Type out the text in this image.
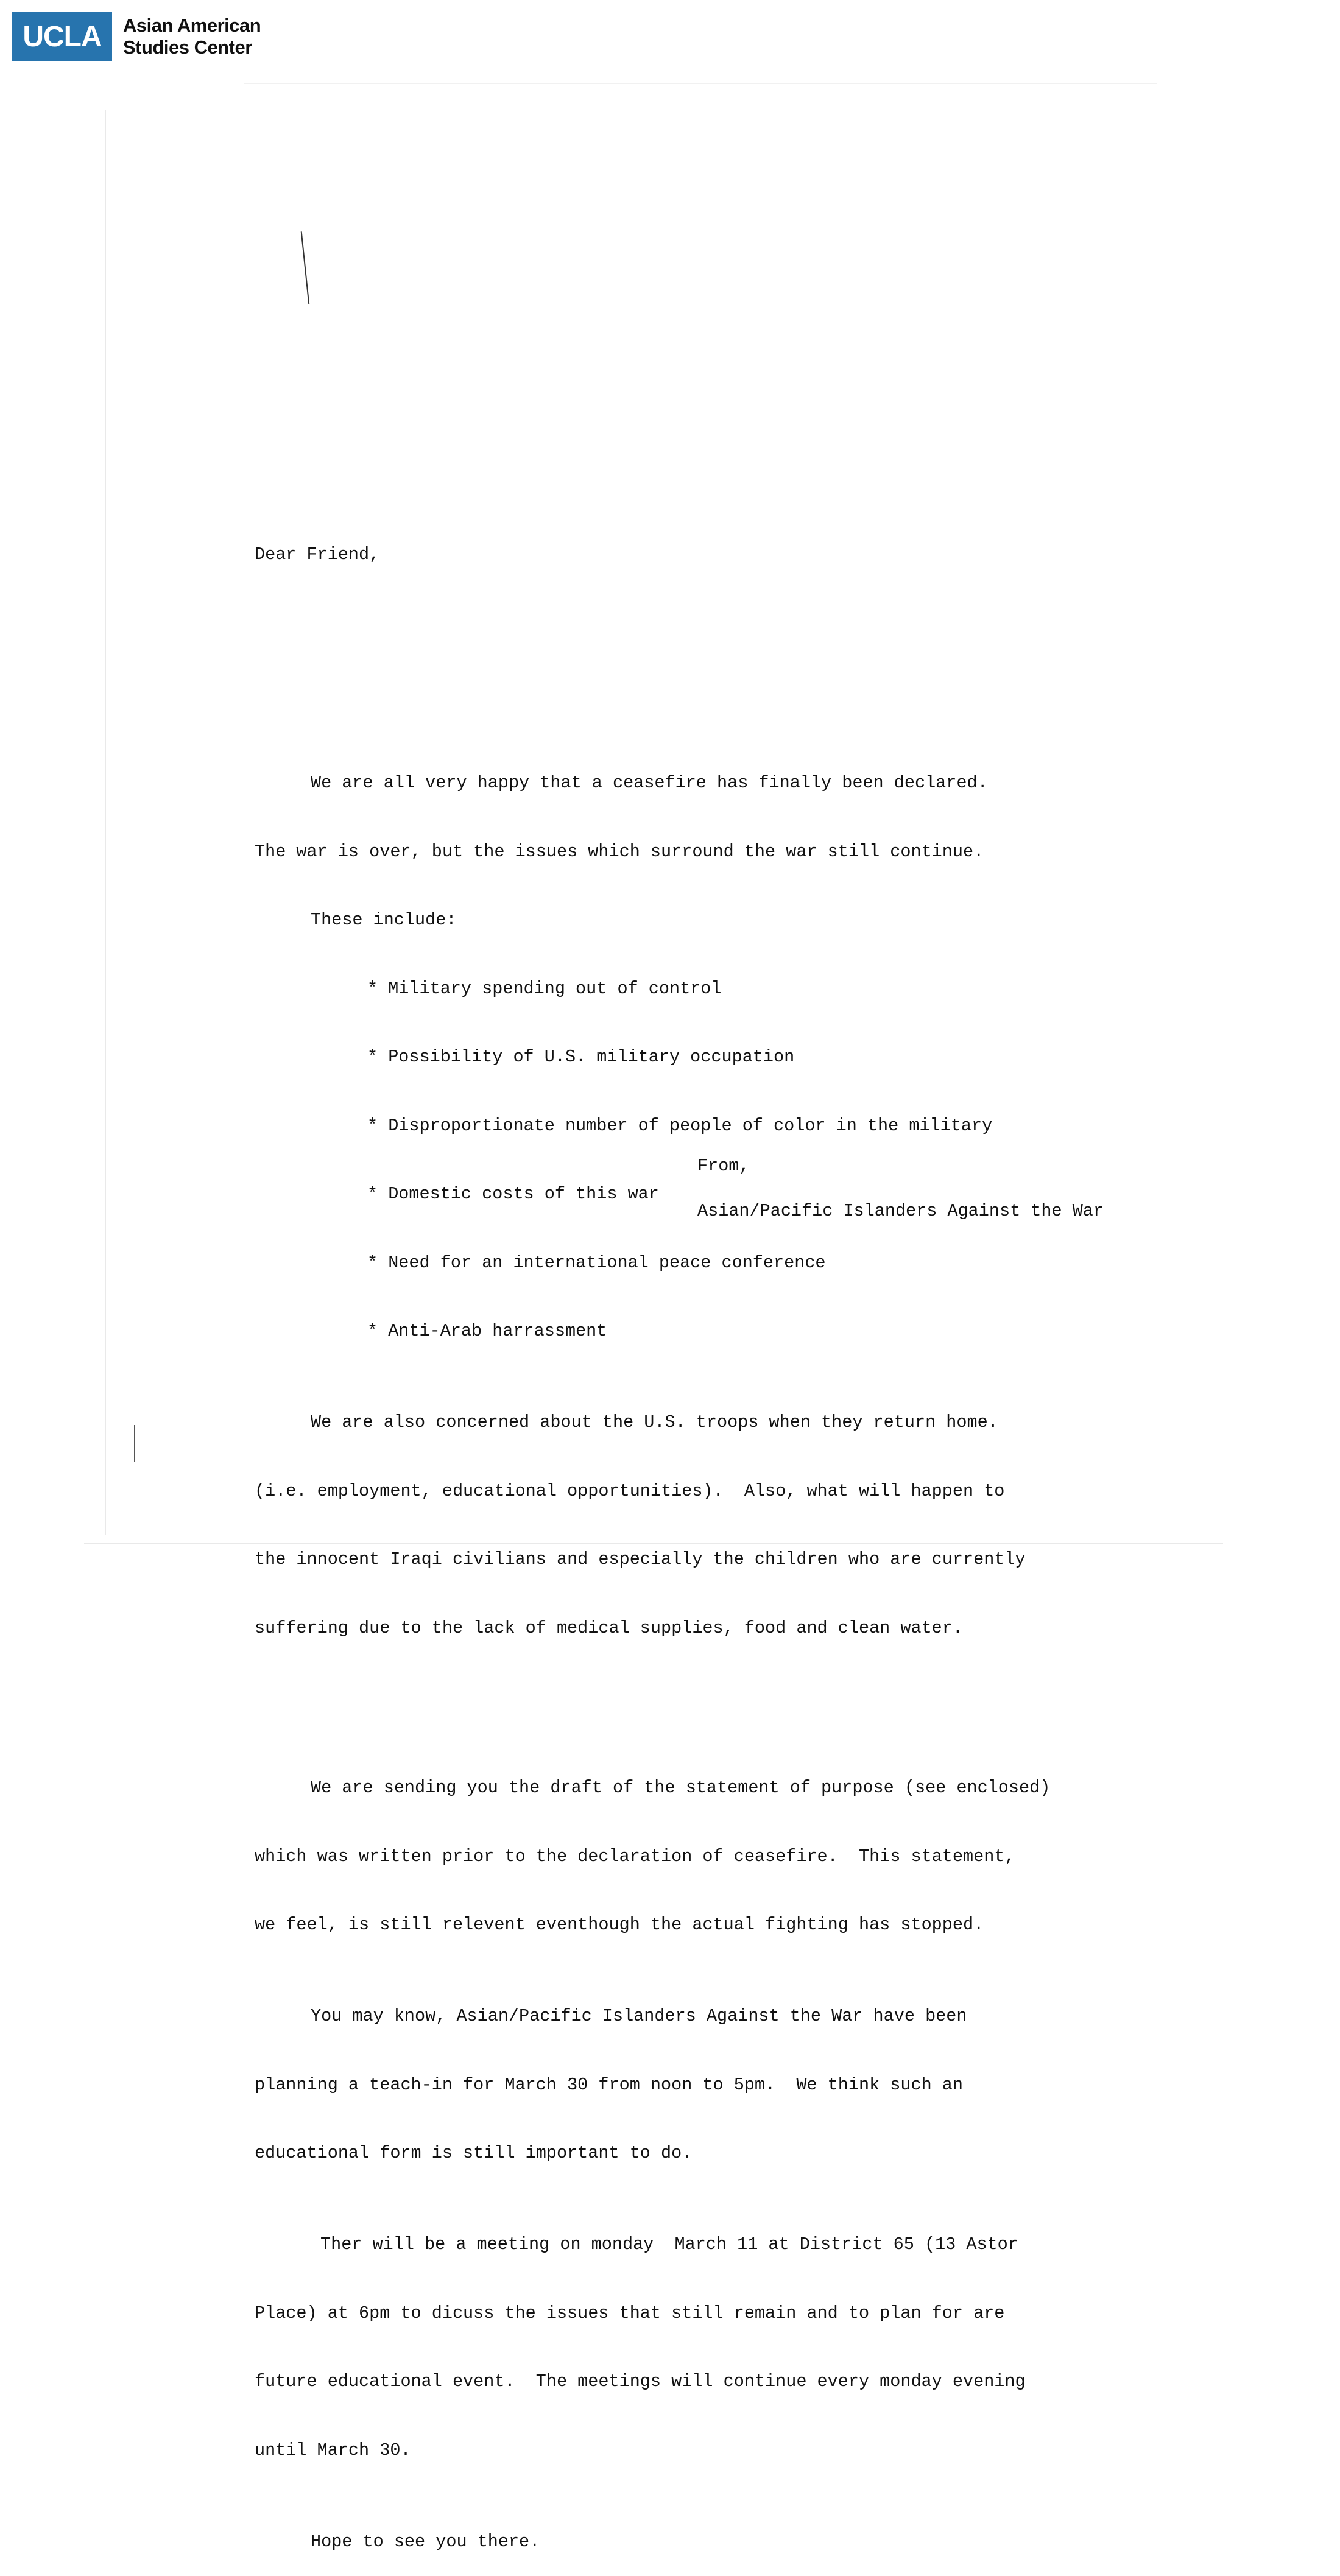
UCLA	Asian American
Studies Center

Dear Friend,

We are all very happy that a ceasefire has finally been declared.

The war is over, but the issues which surround the war still continue.

These include:

* Military spending out of control

* Possibility of U.S. military occupation

* Disproportionate number of people of color in the military

* Domestic costs of this war

* Need for an international peace conference

* Anti-Arab harrassment

We are also concerned about the U.S. troops when they return home.

(i.e. employment, educational opportunities).  Also, what will happen to

the innocent Iraqi civilians and especially the children who are currently

suffering due to the lack of medical supplies, food and clean water.

We are sending you the draft of the statement of purpose (see enclosed)

which was written prior to the declaration of ceasefire.  This statement,

we feel, is still relevent eventhough the actual fighting has stopped.

You may know, Asian/Pacific Islanders Against the War have been

planning a teach-in for March 30 from noon to 5pm.  We think such an

educational form is still important to do.

Ther will be a meeting on monday  March 11 at District 65 (13 Astor

Place) at 6pm to dicuss the issues that still remain and to plan for are

future educational event.  The meetings will continue every monday evening

until March 30.

Hope to see you there.

From,
Asian/Pacific Islanders Against the War
